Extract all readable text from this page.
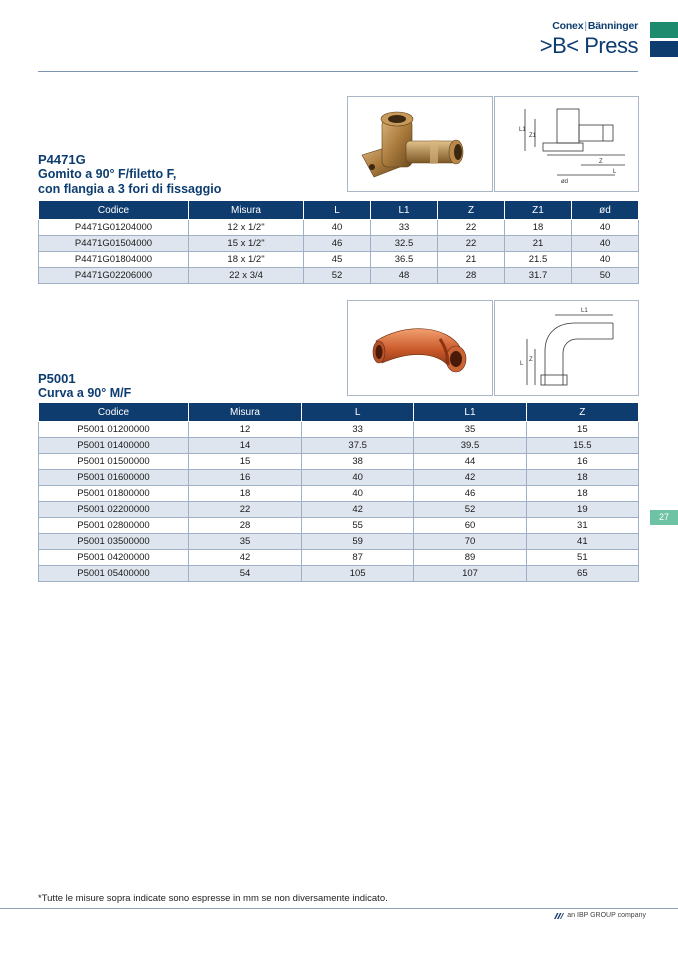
Conex|Bänninger
>B< Press
L1
Z1
Z
L
ød
P4471G
Gomito a 90° F/filetto F,
con flangia a 3 fori di fissaggio
Codice	Misura	L	L1	Z	Z1	ød
P4471G01204000	12 x 1/2"	40	33	22	18	40
P4471G01504000	15 x 1/2"	46	32.5	22	21	40
P4471G01804000	18 x 1/2"	45	36.5	21	21.5	40
P4471G02206000	22 x 3/4	52	48	28	31.7	50
L1
Z
L
P5001
Curva a 90° M/F
Codice	Misura	L	L1	Z
P5001 01200000	12	33	35	15
P5001 01400000	14	37.5	39.5	15.5
P5001 01500000	15	38	44	16
P5001 01600000	16	40	42	18
P5001 01800000	18	40	46	18
P5001 02200000	22	42	52	19
P5001 02800000	28	55	60	31
P5001 03500000	35	59	70	41
P5001 04200000	42	87	89	51
P5001 05400000	54	105	107	65
27
*Tutte le misure sopra indicate sono espresse in mm se non diversamente indicato.
an IBP GROUP company
